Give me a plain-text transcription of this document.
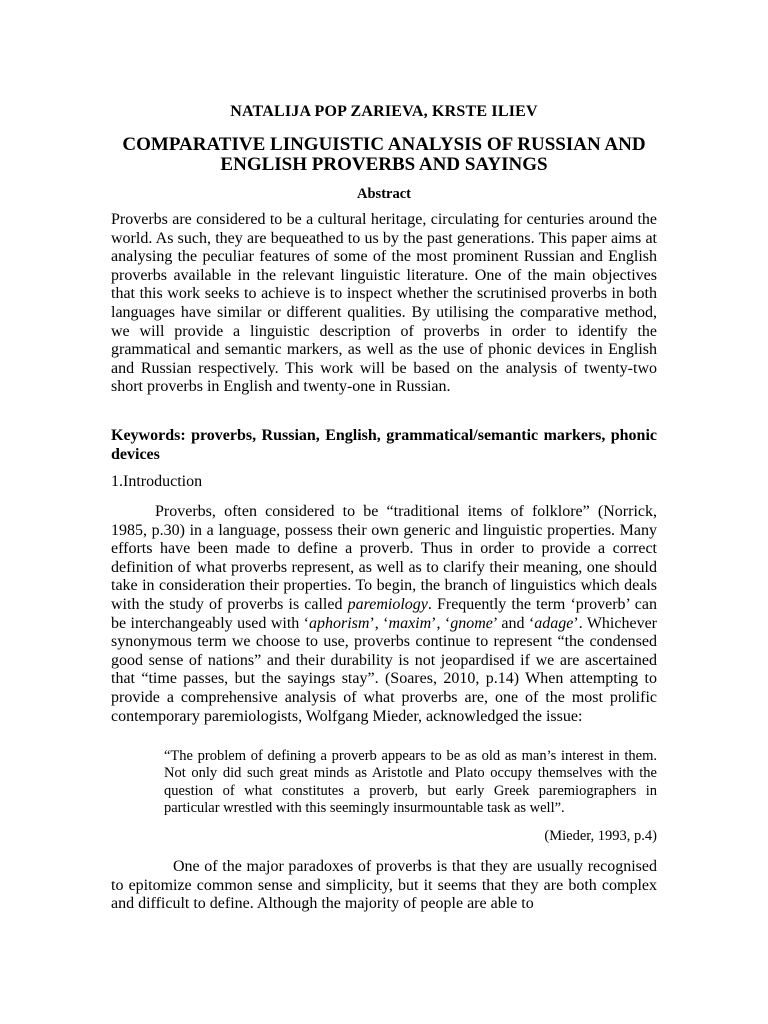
NATALIJA POP ZARIEVA, KRSTE ILIEV
COMPARATIVE LINGUISTIC ANALYSIS OF RUSSIAN AND ENGLISH PROVERBS AND SAYINGS
Abstract

Proverbs are considered to be a cultural heritage, circulating for centuries around the world. As such, they are bequeathed to us by the past generations. This paper aims at analysing the peculiar features of some of the most prominent Russian and English proverbs available in the relevant linguistic literature. One of the main objectives that this work seeks to achieve is to inspect whether the scrutinised proverbs in both languages have similar or different qualities. By utilising the comparative method, we will provide a linguistic description of proverbs in order to identify the grammatical and semantic markers, as well as the use of phonic devices in English and Russian respectively. This work will be based on the analysis of twenty-two short proverbs in English and twenty-one in Russian.

Keywords: proverbs, Russian, English, grammatical/semantic markers, phonic devices

1.Introduction

Proverbs, often considered to be “traditional items of folklore” (Norrick, 1985, p.30) in a language, possess their own generic and linguistic properties. Many efforts have been made to define a proverb. Thus in order to provide a correct definition of what proverbs represent, as well as to clarify their meaning, one should take in consideration their properties. To begin, the branch of linguistics which deals with the study of proverbs is called paremiology. Frequently the term ‘proverb’ can be interchangeably used with ‘aphorism’, ‘maxim’, ‘gnome’ and ‘adage’. Whichever synonymous term we choose to use, proverbs continue to represent “the condensed good sense of nations” and their durability is not jeopardised if we are ascertained that “time passes, but the sayings stay”. (Soares, 2010, p.14) When attempting to provide a comprehensive analysis of what proverbs are, one of the most prolific contemporary paremiologists, Wolfgang Mieder, acknowledged the issue:

“The problem of defining a proverb appears to be as old as man’s interest in them. Not only did such great minds as Aristotle and Plato occupy themselves with the question of what constitutes a proverb, but early Greek paremiographers in particular wrestled with this seemingly insurmountable task as well”.

(Mieder, 1993, p.4)

One of the major paradoxes of proverbs is that they are usually recognised to epitomize common sense and simplicity, but it seems that they are both complex and difficult to define. Although the majority of people are able to
